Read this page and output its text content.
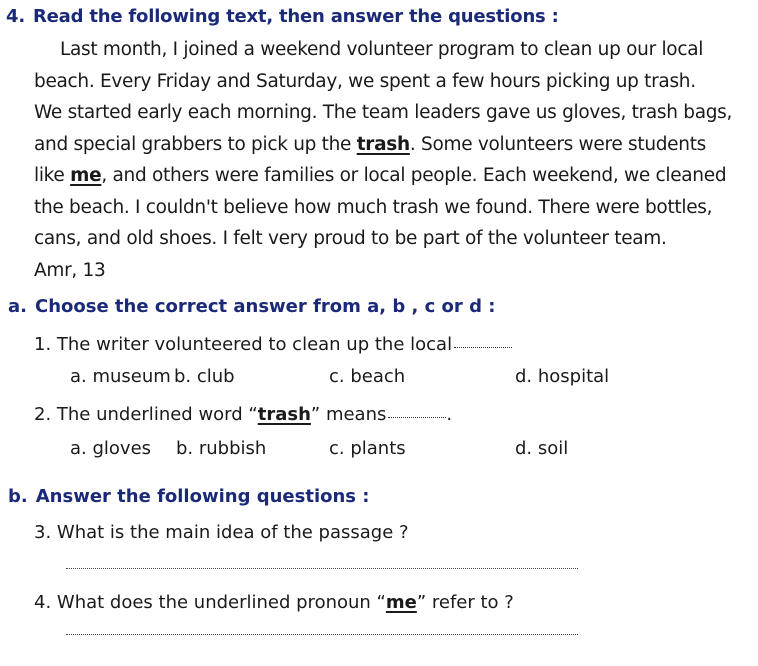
4. Read the following text, then answer the questions :
Last month, I joined a weekend volunteer program to clean up our local
beach. Every Friday and Saturday, we spent a few hours picking up trash.
We started early each morning. The team leaders gave us gloves, trash bags,
and special grabbers to pick up the trash. Some volunteers were students
like me, and others were families or local people. Each weekend, we cleaned
the beach. I couldn't believe how much trash we found. There were bottles,
cans, and old shoes. I felt very proud to be part of the volunteer team.
Amr, 13
a. Choose the correct answer from a, b , c or d :
1. The writer volunteered to clean up the local
a. museum b. club	c. beach	d. hospital
2. The underlined word “trash” means	.
a. gloves b. rubbish	c. plants	d. soil
b. Answer the following questions :
3. What is the main idea of the passage ?
4. What does the underlined pronoun “me” refer to ?
